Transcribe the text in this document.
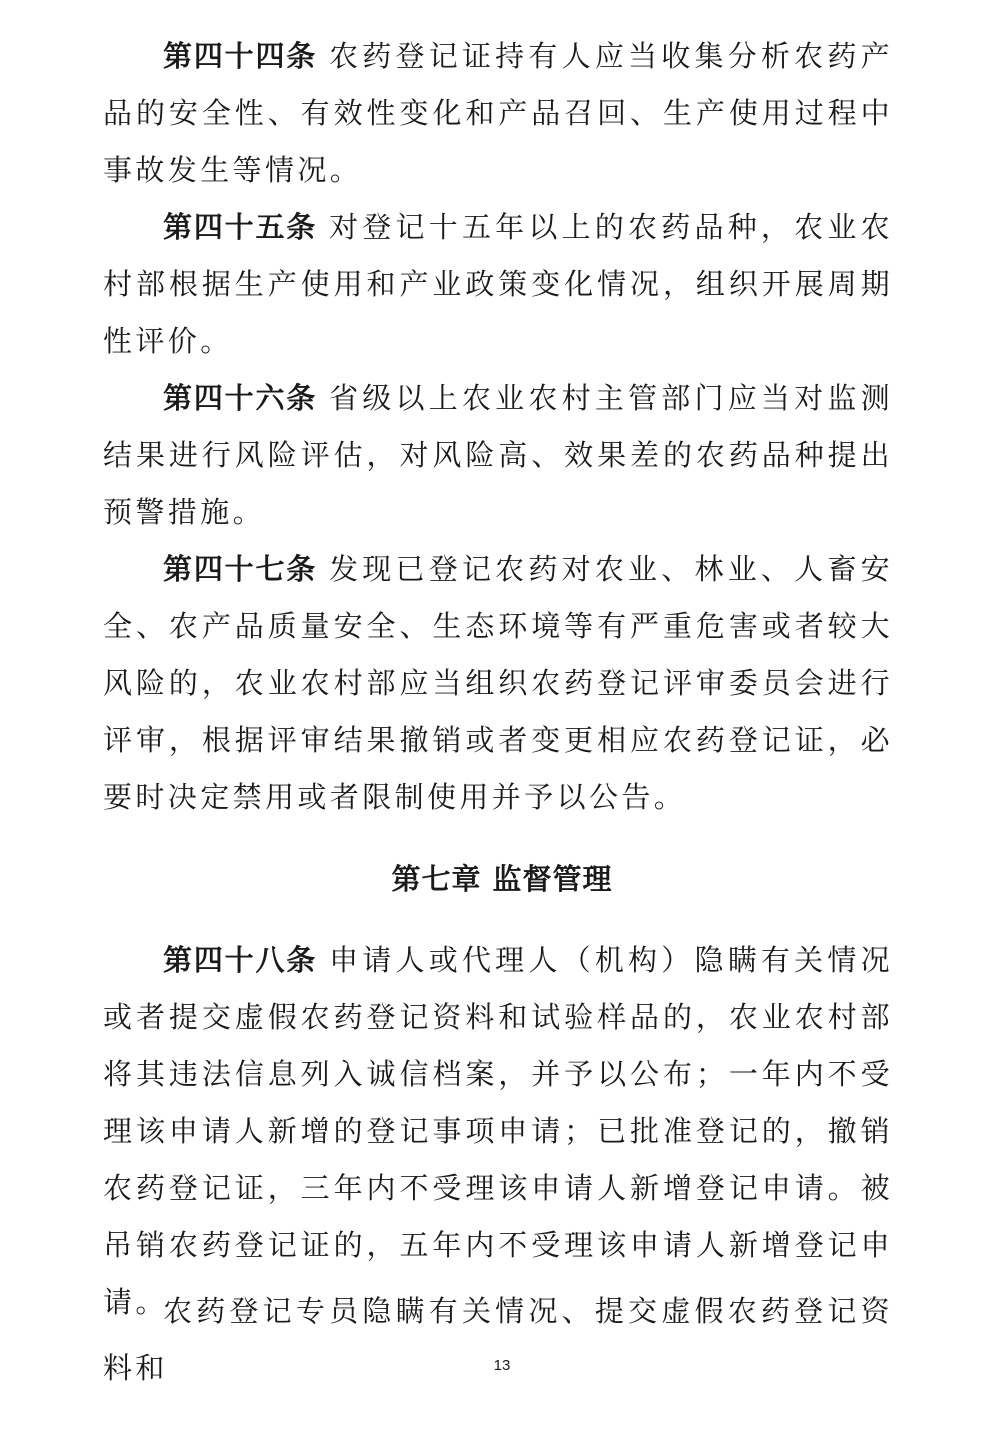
第四十四条 农药登记证持有人应当收集分析农药产品的安全性、有效性变化和产品召回、生产使用过程中事故发生等情况。

第四十五条 对登记十五年以上的农药品种，农业农村部根据生产使用和产业政策变化情况，组织开展周期性评价。

第四十六条 省级以上农业农村主管部门应当对监测结果进行风险评估，对风险高、效果差的农药品种提出预警措施。

第四十七条 发现已登记农药对农业、林业、人畜安全、农产品质量安全、生态环境等有严重危害或者较大风险的，农业农村部应当组织农药登记评审委员会进行评审，根据评审结果撤销或者变更相应农药登记证，必要时决定禁用或者限制使用并予以公告。

第七章 监督管理

第四十八条 申请人或代理人（机构）隐瞒有关情况或者提交虚假农药登记资料和试验样品的，农业农村部将其违法信息列入诚信档案，并予以公布；一年内不受理该申请人新增的登记事项申请；已批准登记的，撤销农药登记证，三年内不受理该申请人新增登记申请。被吊销农药登记证的，五年内不受理该申请人新增登记申请。

农药登记专员隐瞒有关情况、提交虚假农药登记资料和	13
